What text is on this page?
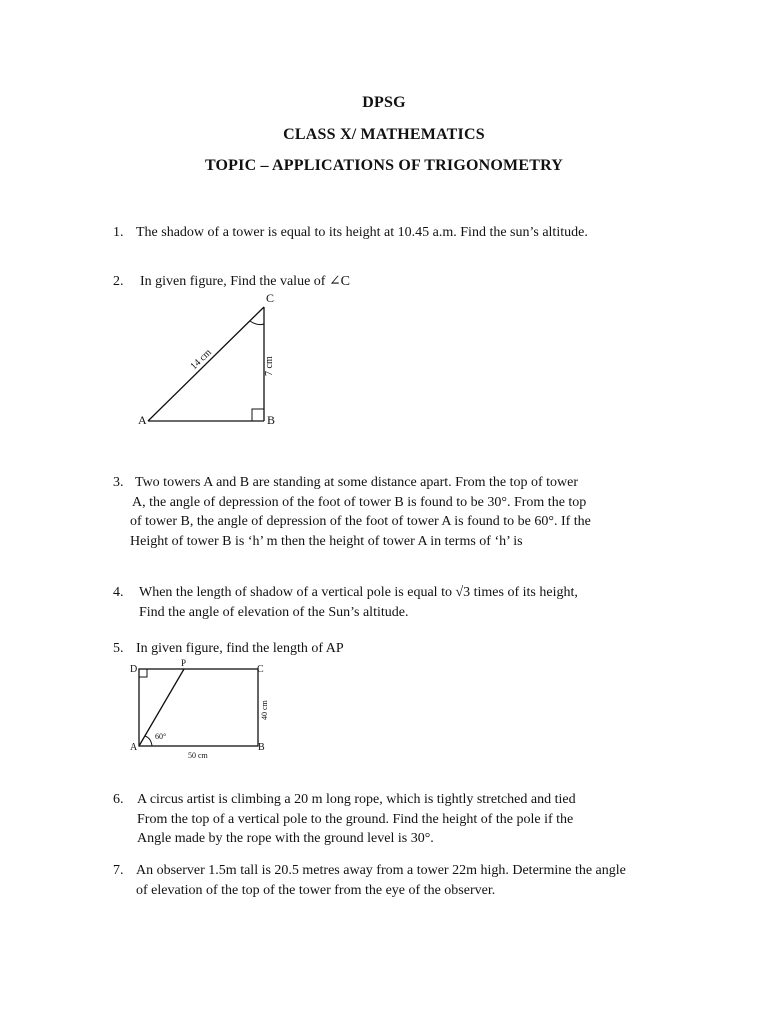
DPSG
CLASS X/ MATHEMATICS
TOPIC – APPLICATIONS OF TRIGONOMETRY
1. The shadow of a tower is equal to its height at 10.45 a.m. Find the sun’s altitude.
2. In given figure, Find the value of ∠C
C
A	B
14 cm	7 cm
3. Two towers A and B are standing at some distance apart. From the top of tower
A, the angle of depression of the foot of tower B is found to be 30°. From the top
of tower B, the angle of depression of the foot of tower A is found to be 60°. If the
Height of tower B is ‘h’ m then the height of tower A in terms of ‘h’ is
4. When the length of shadow of a vertical pole is equal to √3 times of its height,
Find the angle of elevation of the Sun’s altitude.
5. In given figure, find the length of AP
D
P
C
A	B
60°
50 cm
40 cm
6. A circus artist is climbing a 20 m long rope, which is tightly stretched and tied
From the top of a vertical pole to the ground. Find the height of the pole if the
Angle made by the rope with the ground level is 30°.
7. An observer 1.5m tall is 20.5 metres away from a tower 22m high. Determine the angle
of elevation of the top of the tower from the eye of the observer.
